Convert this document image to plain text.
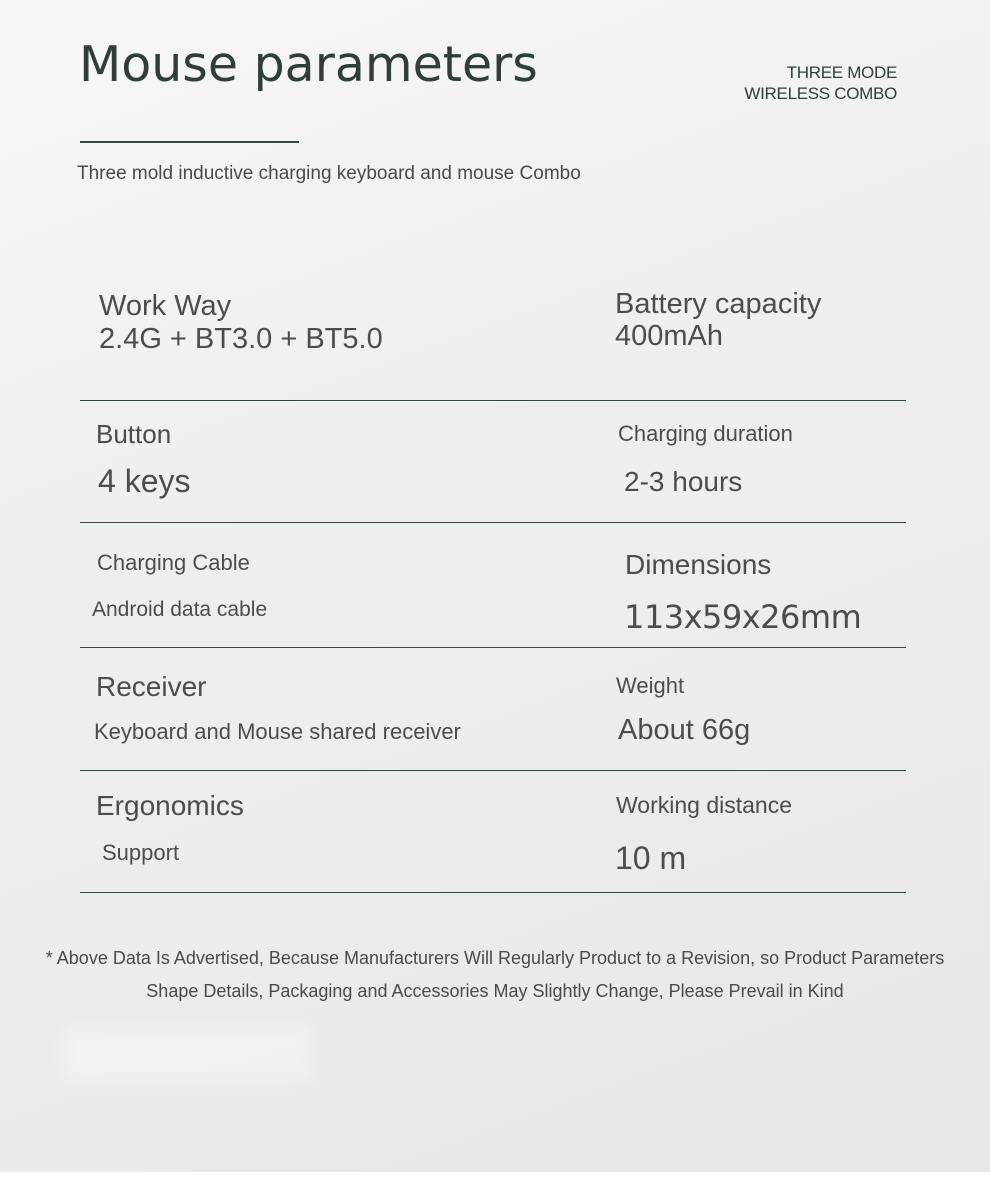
Mouse parameters	THREE MODE
WIRELESS COMBO
Three mold inductive charging keyboard and mouse Combo
Work Way
2.4G + BT3.0 + BT5.0
Battery capacity
400mAh
Button
4 keys
Charging duration
2-3 hours
Charging Cable
Android data cable
Dimensions
113x59x26mm
Receiver
Keyboard and Mouse shared receiver
Weight
About 66g
Ergonomics
Support
Working distance
10 m
* Above Data Is Advertised, Because Manufacturers Will Regularly Product to a Revision, so Product Parameters
Shape Details, Packaging and Accessories May Slightly Change, Please Prevail in Kind
